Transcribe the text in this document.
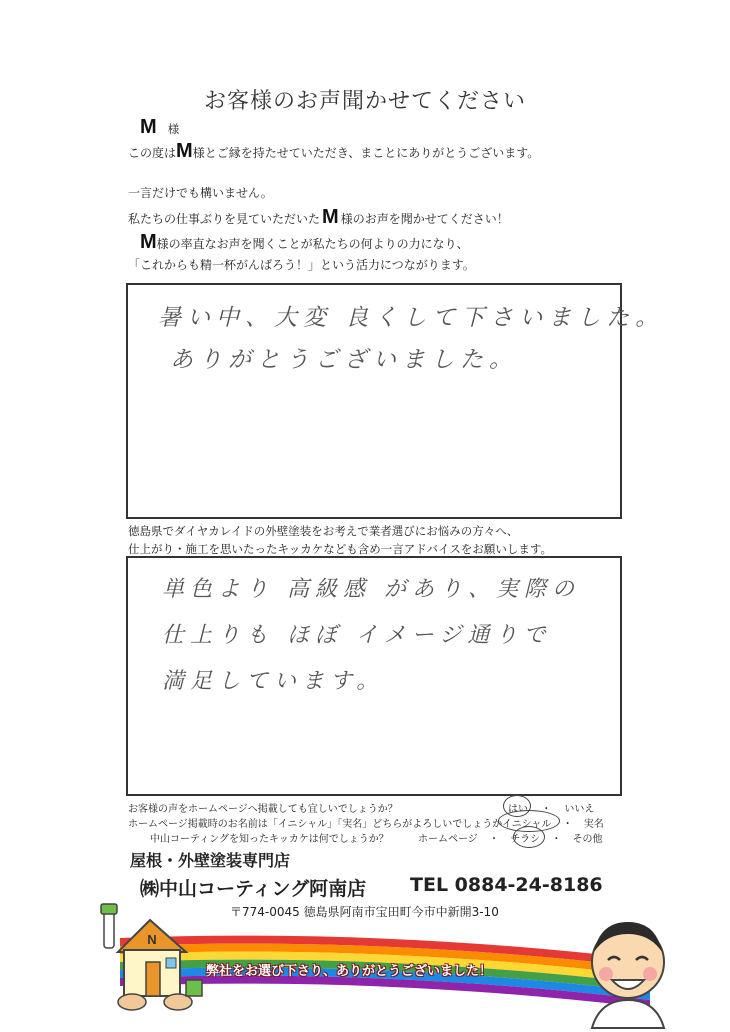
お客様のお声聞かせてください
M 様
この度はM様とご縁を持たせていただき、まことにありがとうございます。
一言だけでも構いません。
私たちの仕事ぶりを見ていただいた M 様のお声を聞かせてください！
M様の率直なお声を聞くことが私たちの何よりの力になり、
「これからも精一杯がんばろう！」という活力につながります。
暑い中、大変 良くして下さいました。
ありがとうございました。
徳島県でダイヤカレイドの外壁塗装をお考えで業者選びにお悩みの方々へ、
仕上がり・施工を思いたったキッカケなども含め一言アドバイスをお願いします。
単色より 高級感 があり、実際の
仕上りも ほぼ イメージ通りで
満足しています。
お客様の声をホームページへ掲載しても宜しいでしょうか？	はい ・ いいえ
ホームページ掲載時のお名前は「イニシャル」「実名」どちらがよろしいでしょうか イニシャル ・ 実名
中山コーティングを知ったキッカケは何でしょうか？	ホームページ ・ チラシ ・ その他
屋根・外壁塗装専門店
㈱中山コーティング阿南店 TEL 0884-24-8186
〒774-0045 徳島県阿南市宝田町今市中新開3-10
N
弊社をお選び下さり、ありがとうございました！
